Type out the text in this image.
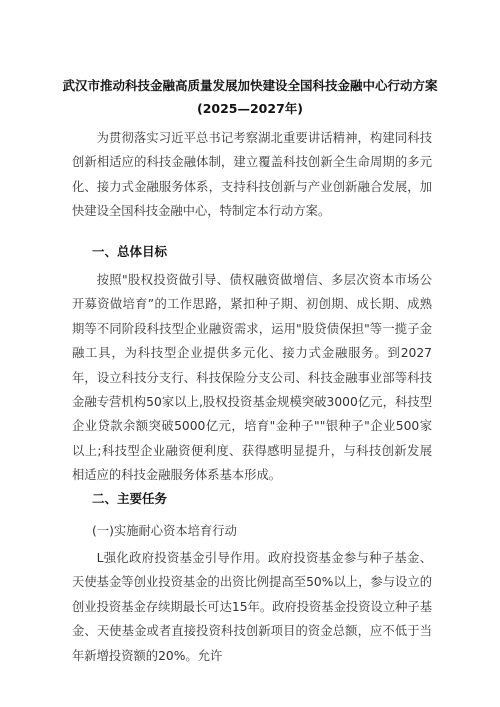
武汉市推动科技金融高质量发展加快建设全国科技金融中心行动方案
(2025—2027年)

为贯彻落实习近平总书记考察湖北重要讲话精神，构建同科技创新相适应的科技金融体制，建立覆盖科技创新全生命周期的多元化、接力式金融服务体系，支持科技创新与产业创新融合发展，加快建设全国科技金融中心，特制定本行动方案。

一、总体目标

按照"股权投资做引导、债权融资做增信、多层次资本市场公开募资做培育”的工作思路，紧扣种子期、初创期、成长期、成熟期等不同阶段科技型企业融资需求，运用"股贷债保担"等一揽子金融工具，为科技型企业提供多元化、接力式金融服务。到2027年，设立科技分支行、科技保险分支公司、科技金融事业部等科技金融专营机构50家以上,股权投资基金规模突破3000亿元，科技型企业贷款余额突破5000亿元，培育"金种子""银种子"企业500家以上;科技型企业融资便利度、获得感明显提升，与科技创新发展相适应的科技金融服务体系基本形成。

二、主要任务
(一)实施耐心资本培育行动

L强化政府投资基金引导作用。政府投资基金参与种子基金、天使基金等创业投资基金的出资比例提高至50%以上，参与设立的创业投资基金存续期最长可达15年。政府投资基金投资设立种子基金、天使基金或者直接投资科技创新项目的资金总额，应不低于当年新增投资额的20%。允许
